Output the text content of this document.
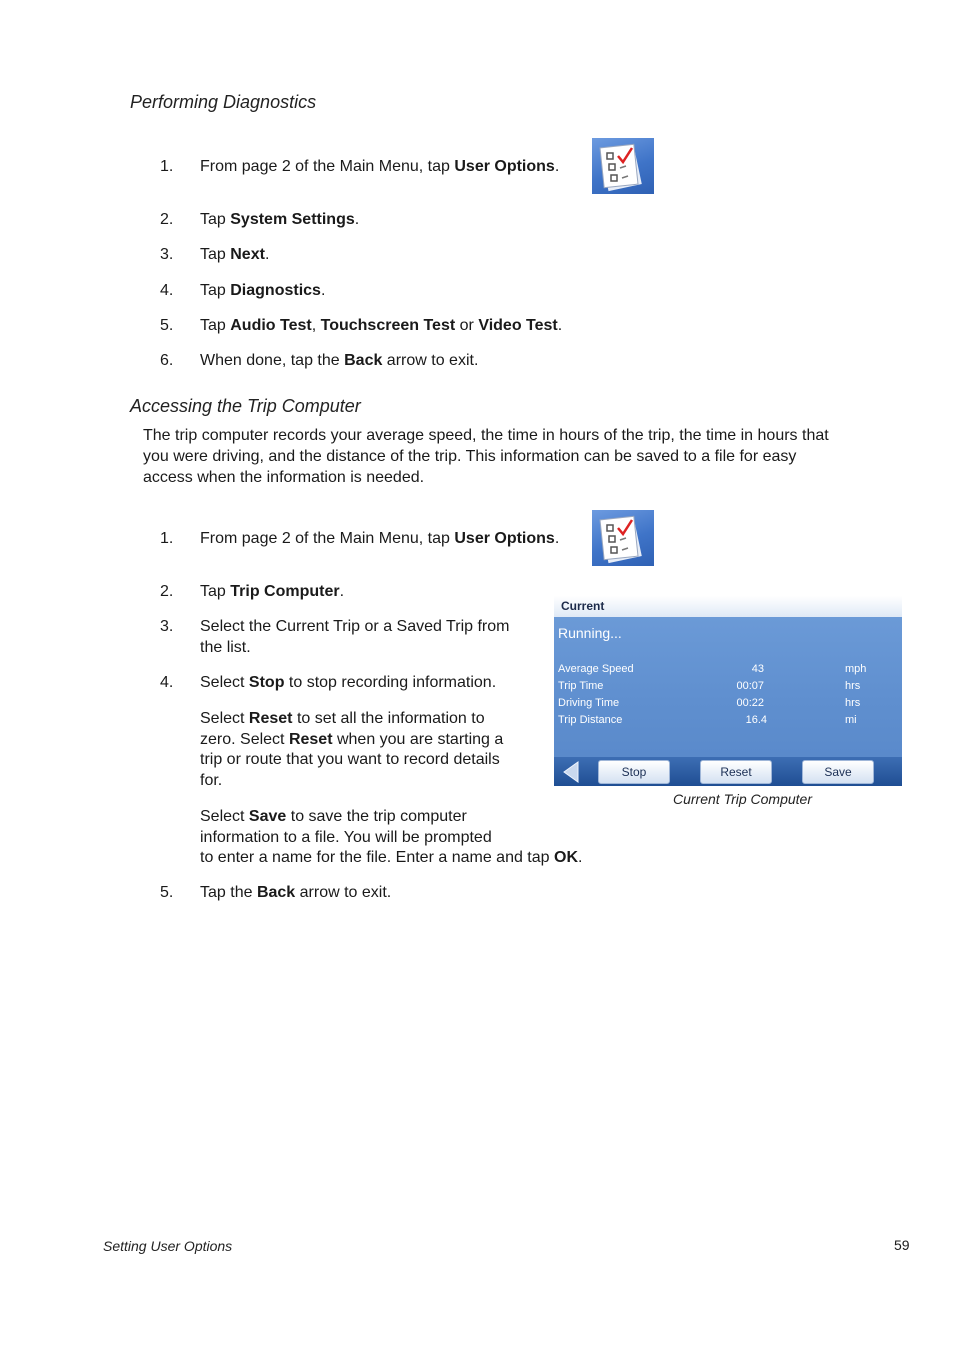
Performing Diagnostics
1.	From page 2 of the Main Menu, tap User Options.
2.	Tap System Settings.
3.	Tap Next.
4.	Tap Diagnostics.
5.	Tap Audio Test, Touchscreen Test or Video Test.
6.	When done, tap the Back arrow to exit.
Accessing the Trip Computer
The trip computer records your average speed, the time in hours of the trip, the time in hours that
you were driving, and the distance of the trip. This information can be saved to a file for easy
access when the information is needed.
1.	From page 2 of the Main Menu, tap User Options.
2.	Tap Trip Computer.
3.	Select the Current Trip or a Saved Trip from
the list.
4.	Select Stop to stop recording information.
Select Reset to set all the information to
zero. Select Reset when you are starting a
trip or route that you want to record details
for.
Select Save to save the trip computer
information to a file. You will be prompted
to enter a name for the file. Enter a name and tap OK.
5.	Tap the Back arrow to exit.
Current
Running...
Average Speed	43	mph
Trip Time	00:07	hrs
Driving Time	00:22	hrs
Trip Distance	16.4	mi
Stop	Reset	Save
Current Trip Computer
Setting User Options	59
